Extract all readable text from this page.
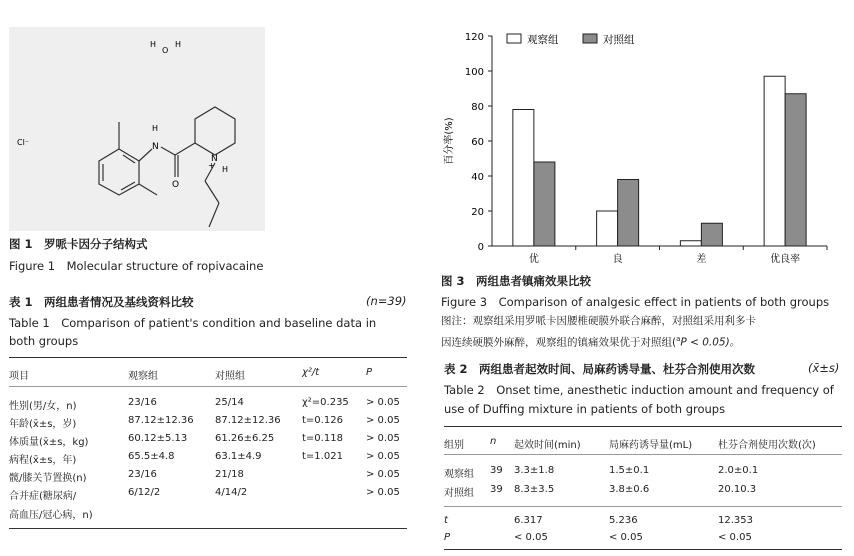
H
O
H
Cl⁻
H
N
O
N
H
+
图 1　罗哌卡因分子结构式
Figure 1　Molecular structure of ropivacaine
表 1　两组患者情况及基线资料比较	(n=39)
Table 1　Comparison of patient's condition and baseline data in
both groups
项目	观察组	对照组	χ²/t	P
性别(男/女，n)	23/16	25/14	χ²=0.235 > 0.05
年龄(x̄±s，岁)	87.12±12.36 87.12±12.36 t=0.126 > 0.05
体质量(x̄±s，kg)	60.12±5.13	61.26±6.25	t=0.118 > 0.05
病程(x̄±s，年)	65.5±4.8	63.1±4.9	t=1.021 > 0.05
髋/膝关节置换(n)	23/16	21/18	> 0.05
合并症(糖尿病/	6/12/2	4/14/2	> 0.05
高血压/冠心病，n)
0
20
40
60
80
100
120
百分率(%)
优	良	差	优良率
观察组	对照组
图 3　两组患者镇痛效果比较
Figure 3　Comparison of analgesic effect in patients of both groups
图注：观察组采用罗哌卡因腰椎硬膜外联合麻醉，对照组采用利多卡
因连续硬膜外麻醉，观察组的镇痛效果优于对照组($^a$P < 0.05)。
表 2　两组患者起效时间、局麻药诱导量、杜芬合剂使用次数	(x̄±s)
Table 2　Onset time, anesthetic induction amount and frequency of
use of Duffing mixture in patients of both groups
组别	n 起效时间(min)	局麻药诱导量(mL)	杜芬合剂使用次数(次)
观察组 39 3.3±1.8	1.5±0.1	2.0±0.1
对照组 39 8.3±3.5	3.8±0.6	20.10.3
t	6.317	5.236	12.353
P	< 0.05	< 0.05	< 0.05
